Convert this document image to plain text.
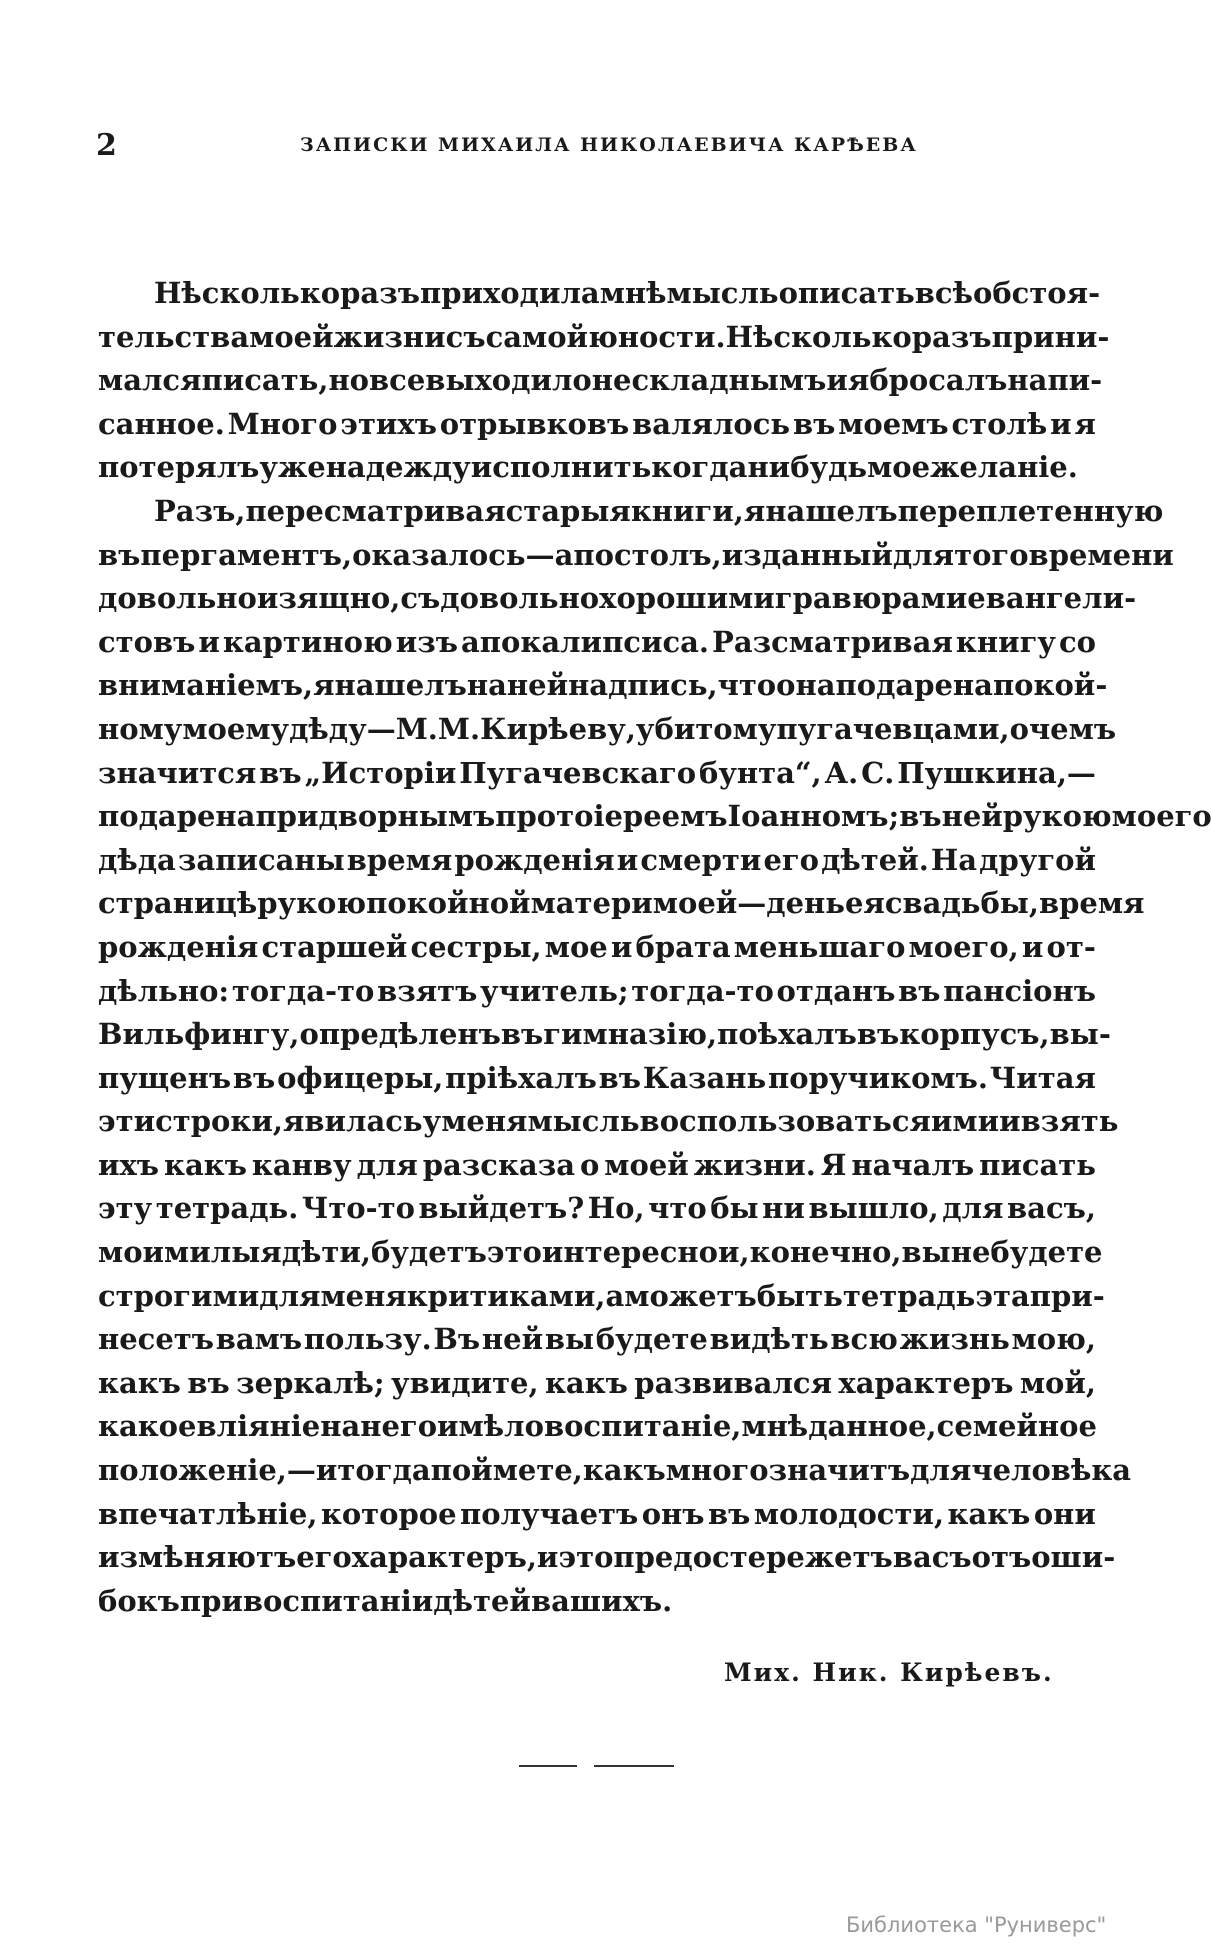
2	ЗАПИСКИ МИХАИЛА НИКОЛАЕВИЧА КАРѢЕВА
Нѣсколько разъ приходила мнѣ мысль описать всѣ обстоя-
тельства моей жизни съ самой юности. Нѣсколько разъ прини-
мался писать, но все выходило нескладнымъ и я бросалъ напи-
санное. Много этихъ отрывковъ валялось въ моемъ столѣ и я
потерялъ уже надежду исполнить когда нибудь мое желаніе.
Разъ, пересматривая старыя книги, я нашелъ переплетенную
въ пергаментъ, оказалось—апостолъ, изданный для того времени
довольно изящно, съ довольно хорошими гравюрами евангели-
стовъ и картиною изъ апокалипсиса. Разсматривая книгу со
вниманіемъ, я нашелъ на ней надпись, что она подарена покой-
ному моему дѣду—М. М. Кирѣеву, убитому пугачевцами, о чемъ
значится въ „Исторіи Пугачевскаго бунта“, А. С. Пушкина,—
подарена придворнымъ протоіереемъ Іоанномъ; въ ней рукою моего
дѣда записаны время рожденія и смерти его дѣтей. На другой
страницѣ рукою покойной матери моей—день ея свадьбы, время
рожденія старшей сестры, мое и брата меньшаго моего, и от-
дѣльно: тогда-то взятъ учитель; тогда-то отданъ въ пансіонъ
Вильфингу, опредѣленъ въ гимназію, поѣхалъ въ корпусъ, вы-
пущенъ въ офицеры, пріѣхалъ въ Казань поручикомъ. Читая
эти строки, явилась у меня мысль воспользоваться ими и взять
ихъ какъ канву для разсказа о моей жизни. Я началъ писать
эту тетрадь. Что-то выйдетъ? Но, что бы ни вышло, для васъ,
мои милыя дѣти, будетъ это интересно и, конечно, вы не будете
строгими для меня критиками, а можетъ быть тетрадь эта при-
несетъ вамъ пользу. Въ ней вы будете видѣть всю жизнь мою,
какъ въ зеркалѣ; увидите, какъ развивался характеръ мой,
какое вліяніе на него имѣло воспитаніе, мнѣ данное, семейное
положеніе,—и тогда поймете, какъ много значитъ для человѣка
впечатлѣніе, которое получаетъ онъ въ молодости, какъ они
измѣняютъ его характеръ, и это предостережетъ васъ отъ оши-
бокъ при воспитаніи дѣтей вашихъ.
Мих. Ник. Кирѣевъ.
Библиотека "Руниверс"
